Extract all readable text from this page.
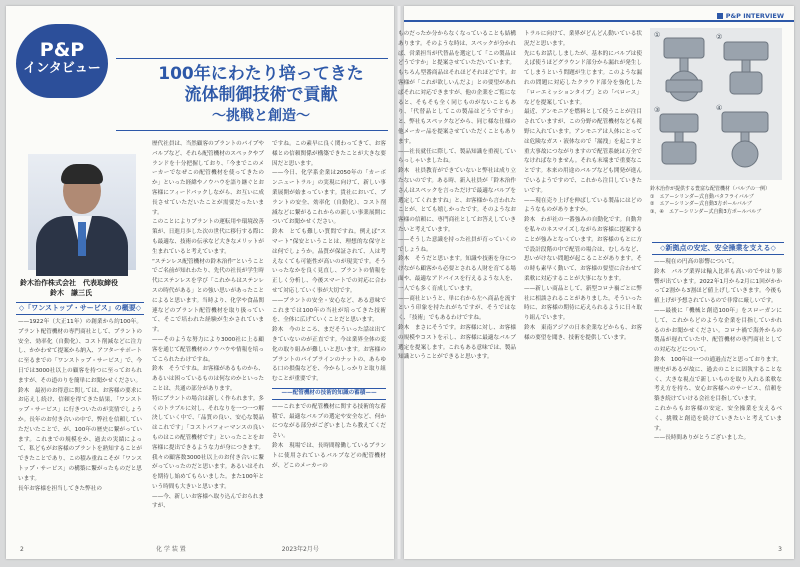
P&P
インタビュー	100年にわたり培ってきた
流体制御技術で貢献
〜挑戦と創造〜
鈴木治作株式会社　代表取締役
鈴木　謙三氏
◇「ワンストップ・サービス」の概要◇

——1922年（大正11年）の創業から約100年。プラント配管機材の専門商社として、プラントの安全、効率化（自動化）、コスト削減などに注力し、かかわせて提案から納入、アフターサポートに至るまでの「ワンストップ・サービス」で、今日では3000社以上の顧客を持つに至っておられますが、その道のりを簡単にお聞かせください。

鈴木　最初のお得意に関しては、お客様の要求にお応えし続け、信頼を得てきた結果、「ワンストップ・サービス」に行きついたのが実情でしょうか。長年のお付き合いの中で、弊社を信頼していただいたことで、が、100年の歴史に繋がっています。これまでの規模をか、過去の実績によって、私どもがお客様のプラントを熟知することができたことであり、この積み重ねこそが「ワンストップ・サービス」の構築に繋がったものだと思います。

長年お客様を担当してきた弊社の

歴代社員は、当然顧客のプラントのパイプやバルブなど、それら配管機材のスペックやブランドを十分把握しており、「今までこのメーカーでなぜこの配管機材を使ってきたのか」といった経緯やノウハウを語り継ぐとお客様にフィードバックしながら、お互いに成長させていただいたことが需要だったいます。

このことによりプラントの運転用や環境改善策が、日進月歩した次の世代に移行する際にも最適な、技術の伝承など大きなメリットが生まれていると考えています。

“ステンレス配管機材の鈴木治作”ということでご名前が知れわたり、先代の社長が学生時代にステンレスを学び「これからはステンレスの時代がある」との強い思いがあったことによると思います。当時より、化学や食品関連などのプラント配管機材を取り扱っていて、そこで培われた経験が生かされています。

——そのような努力により3000社に上る顧客を通じて配管機材のノウハウや情報を培ってこられたわけですね。

鈴木　そうですね。お客様があるものから、あるいは困っているものは何なのかといったことは、共通の部分があります。

特にプラントの場合は新しく作られます。多くのトラブルに対し、それなりを一つ一つ解決していく中で、「品質の良い、安心な製品はこれです」「コストパフォーマンスの良いものはこの配管機材です」といったことをお客様に提出できるような力が身につきます。我々の顧客数3000社以上のお付き合いに繋がっていったのだと思います。あるいはそれを期待し始めてもらいました。また100年という時間も大きいと思います。

——今、新しいお客様へ取り込んでおられますが、

ですね。この素早に良く関わってきて、お客様との信頼関係が構築できたことが大きな要因だと思います。

——今日、化学系企業は2050年の「カーボンニュートラル」の実現に向けて、新しい事業展開が始まっています。貴社において、プラントの安全、効率化（自動化）、コスト削減などに繋がるこれからの新しい事業展開についてお聞かせください。

鈴木　とても難しい質問ですね。例えば“スマート”保安ということは、理想的な保守とは何でしょうか。品質が保証されて、人は考えなくても可能性が高いのが現実です。そういったなかを良く見直し、プラントの情報を正しく分析し、今後スマートでの対応に合わせて対応していく事が大切です。

——プラントの安全・安心など、ある意味でこれまでは100年の当社が培ってきた技術を、全体に広げていくことだと思います。

鈴木　今のところ、まだそういった話は出てきていないのが正直です。今は業界全体の変化の取り組みが難しいと思います。お客様のプラントのパイプラインのナットの、あらゆる口の損傷などを、今からしっかりと取り組むことが重要です。

——配管機材の技術的知識の蓄積——

——これまでの配管機材に関する技術的な蓄積で、最適なバルブの選定や安全など、何かにつながる部分がございましたら教えてください。

鈴木　現場では、長時間稼働しているプラントに使用されているバルブなどの配管機材が、どこのメーカーの

2	化 学 装 置　　　　　　　　　　　　　　　　2023年2月号
P&P INTERVIEW

ものだったか分からなくなっていることも結構あります。そのような時は、スペックが分かれば、営業担当が代替品を選定して「この製品はどうですか」と提案させていただいています。

もちろん型番商品はそれほどそれほどです。お客様が「これが欲しいんだよ」との要望があればそれに対応できますが、他の企業をご覧になると、そもそも全く同じものがないこともあり、「代替品としてこの製品はどうですか」と、弊社もスペックなどから、同じ様な仕様の他メーカー品を提案させていただくこともあります。

——社長就任に際して、製品知識を重視していらっしゃいましたね。

鈴木　社員教育ができていないと弊社は成り立たないのです。ある時、新入社員が「鈴木治作さんはスペックを言っただけで最適なバルブを選定してくれますね」と、お客様から言われたことが、とても嬉しかったです。そのようなお客様の信頼に、専門商社としてお答えしていきたいと考えています。

——そうした意識を持った社員が育っていくのでしょうね。

鈴木　そうだと思います。知識や技術を身につけながら顧客から必要とされる人財を育てる場面や、最適なアドバイスを行えるような人を、一人でも多く育成しています。

——商社というと、単に右から左へ商品を流すという印象を持たれがちですが、そうではなく、「技術」でもあるわけですね。

鈴木　まさにそうです。お客様に対し、お客様の規模やコストを示し、お客様に最適なバルブ選定を提案します。これもある意味では、製品知識ということができると思います。

トラルに向けて、業界がどんどん動いている状況だと思います。

先にもお話ししましたが、基本的にバルブは使えば使うほどグラウンド部分から漏れが発生してしまうという問題が生じます。このような漏れの問題に対応したクラウド部分を強化した「ローエミッションタイプ」との「ベロース」などを提案しています。

最近、アンモニアを燃料として使うことが注目されていますが、この分野の配管機材なども視野に入れています。アンモニアは人体にとっては危険なガス・液体なので「漏洩」を起こすと重大事故につながりますので配管系統は万全でなければなりません。それも末端まで重要なことです。本来の用途のバルブなども開発が進んでいるようですので、これから注目していきたいです。

——現在売り上げを伸ばしている製品にはどのようなものがありますか。

鈴木　わが社の一番強みの自動化です。自動弁を私々のネスマイズしながらお客様に提案することが強みとなっています。お客様のもとに方で設計段階の中で配管の場合は、むしろなど、思いがけない問題が起こることがあります。その時も素早く動いて、お客様の要望に合わせて柔軟に対応することが大事になります。

——新しい商品として、新型コロナ禍ごとに弊社に相談されることがありました。そういった時に、お客様の期待に応えられるように日々取り組んでいます。

鈴木　東南アジアの日本企業などからも、お客様の要望を聞き、技術を提供しています。

①	②
③	④
鈴木治作が提供する豊富な配管機材（バルブの一例）
①　エアーシリンダー式自動バタフライバルブ
②　エアーシリンダー式自動3方ボールバルブ
③、④　エアーシリンダー式自動3方ボールバルブ
◇新拠点の安定、安全操業を支える◇

——現在の円高の影響について。

鈴木　バルブ業界は輸入比率も高いのでやはり影響が出ています。2022年1月から2月に1回がかかって2割から3割ほど値上げしていきます。今後も値上げが予想されているので非常に厳しいです。

——最後に「機械と創造100年」をスローガンにして、これからどのような企業を目指していかれるのかお聞かせください。コロナ禍で海外からの製品が遅れていた中、配管機材の専門商社としての対応などについて。

鈴木　100年は一つの通過点だと思っております。歴史があるが故に、過去のことに固執することなく、大きな視点で新しいものを取り入れる柔軟な考え方を持ち、安心お客様へのサービス、信頼を築き続けていける会社を目指しています。

これからもお客様の安定、安全操業を支えるべく、挑戦と創造を続けていきたいと考えています。

——長時間ありがとうございました。

3
